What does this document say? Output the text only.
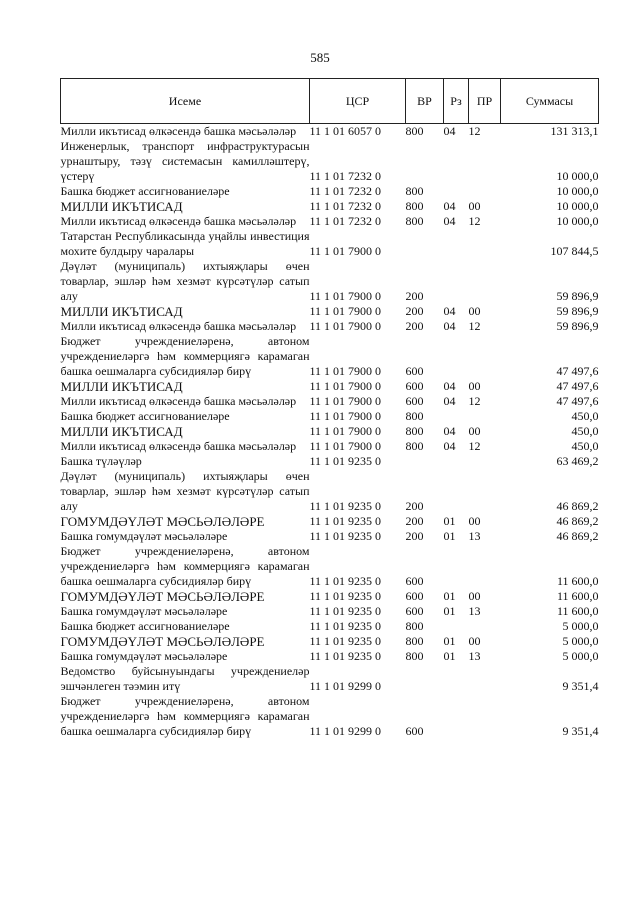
585
Исеме	ЦСР	ВР	Рз	ПР	Суммасы

Милли икътисад өлкәсендә башка мәсьәләләр	11 1 01 6057 0	800	04	12	131 313,1

Инженерлык, транспорт инфраструктурасын урнаштыру, тәзү системасын камилләштерү, үстерү	11 1 01 7232 0				10 000,0

Башка бюджет ассигнованиеләре	11 1 01 7232 0	800			10 000,0

МИЛЛИ ИКЪТИСАД	11 1 01 7232 0	800	04	00	10 000,0

Милли икътисад өлкәсендә башка мәсьәләләр	11 1 01 7232 0	800	04	12	10 000,0

Татарстан Республикасында уңайлы инвестиция мохите булдыру чаралары	11 1 01 7900 0				107 844,5

Дәүләт (муниципаль) ихтыяҗлары өчен товарлар, эшләр һәм хезмәт күрсәтүләр сатып алу	11 1 01 7900 0	200			59 896,9

МИЛЛИ ИКЪТИСАД	11 1 01 7900 0	200	04	00	59 896,9

Милли икътисад өлкәсендә башка мәсьәләләр	11 1 01 7900 0	200	04	12	59 896,9

Бюджет учреждениеләренә, автоном учреждениеләргә һәм коммерциягә карамаган башка оешмаларга субсидияләр бирү	11 1 01 7900 0	600			47 497,6

МИЛЛИ ИКЪТИСАД	11 1 01 7900 0	600	04	00	47 497,6

Милли икътисад өлкәсендә башка мәсьәләләр	11 1 01 7900 0	600	04	12	47 497,6

Башка бюджет ассигнованиеләре	11 1 01 7900 0	800			450,0

МИЛЛИ ИКЪТИСАД	11 1 01 7900 0	800	04	00	450,0

Милли икътисад өлкәсендә башка мәсьәләләр	11 1 01 7900 0	800	04	12	450,0

Башка түләүләр	11 1 01 9235 0				63 469,2

Дәүләт (муниципаль) ихтыяҗлары өчен товарлар, эшләр һәм хезмәт күрсәтүләр сатып алу	11 1 01 9235 0	200			46 869,2

ГОМУМДӘҮЛӘТ МӘСЬӘЛӘЛӘРЕ	11 1 01 9235 0	200	01	00	46 869,2

Башка гомумдәүләт мәсьәләләре	11 1 01 9235 0	200	01	13	46 869,2

Бюджет учреждениеләренә, автоном учреждениеләргә һәм коммерциягә карамаган башка оешмаларга субсидияләр бирү	11 1 01 9235 0	600			11 600,0

ГОМУМДӘҮЛӘТ МӘСЬӘЛӘЛӘРЕ	11 1 01 9235 0	600	01	00	11 600,0

Башка гомумдәүләт мәсьәләләре	11 1 01 9235 0	600	01	13	11 600,0

Башка бюджет ассигнованиеләре	11 1 01 9235 0	800			5 000,0

ГОМУМДӘҮЛӘТ МӘСЬӘЛӘЛӘРЕ	11 1 01 9235 0	800	01	00	5 000,0

Башка гомумдәүләт мәсьәләләре	11 1 01 9235 0	800	01	13	5 000,0

Ведомство буйсынуындагы учреждениеләр эшчәнлеген тәэмин итү	11 1 01 9299 0				9 351,4

Бюджет учреждениеләренә, автоном учреждениеләргә һәм коммерциягә карамаган башка оешмаларга субсидияләр бирү	11 1 01 9299 0	600			9 351,4
